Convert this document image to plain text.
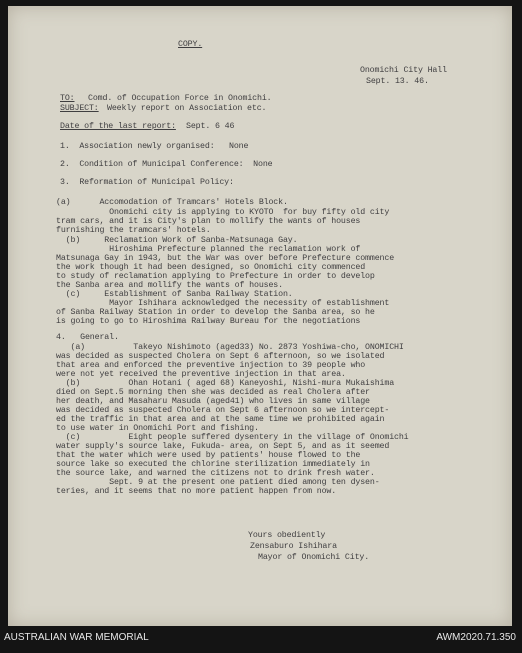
COPY.
Onomichi City Hall
Sept. 13. 46.
TO: Comd. of Occupation Force in Onomichi.
SUBJECT: Weekly report on Association etc.
Date of the last report: Sept. 6 46
1.  Association newly organised:   None
2.  Condition of Municipal Conference:  None
3.  Reformation of Municipal Policy:
(a)      Accomodation of Tramcars' Hotels Block.
Onomichi city is applying to KYOTO  for buy fifty old city
tram cars, and it is City's plan to mollify the wants of houses
furnishing the tramcars' hotels.
(b)     Reclamation Work of Sanba-Matsunaga Gay.
Hiroshima Prefecture planned the reclamation work of
Matsunaga Gay in 1943, but the War was over before Prefecture commence
the work though it had been designed, so Onomichi city commenced
to study of reclamation applying to Prefecture in order to develop
the Sanba area and mollify the wants of houses.
(c)     Establishment of Sanba Railway Station.
Mayor Ishihara acknowledged the necessity of establishment
of Sanba Railway Station in order to develop the Sanba area, so he
is going to go to Hiroshima Railway Bureau for the negotiations
4.   General.
(a)          Takeyo Nishimoto (aged33) No. 2873 Yoshiwa-cho, ONOMICHI
was decided as suspected Cholera on Sept 6 afternoon, so we isolated
that area and enforced the preventive injection to 39 people who
were not yet received the preventive injection in that area.
(b)          Ohan Hotani ( aged 68) Kaneyoshi, Nishi-mura Mukaishima
died on Sept.5 morning then she was decided as real Cholera after
her death, and Masaharu Masuda (aged41) who lives in same village
was decided as suspected Cholera on Sept 6 afternoon so we intercept-
ed the traffic in that area and at the same time we prohibited again
to use water in Onomichi Port and fishing.
(c)          Eight people suffered dysentery in the village of Onomichi
water supply's source lake, Fukuda- area, on Sept 5, and as it seemed
that the water which were used by patients' house flowed to the
source lake so executed the chlorine sterilization immediately in
the source lake, and warned the citizens not to drink fresh water.
Sept. 9 at the present one patient died among ten dysen-
teries, and it seems that no more patient happen from now.
Yours obediently
Zensaburo Ishihara
Mayor of Onomichi City.
AUSTRALIAN WAR MEMORIAL	AWM2020.71.350
